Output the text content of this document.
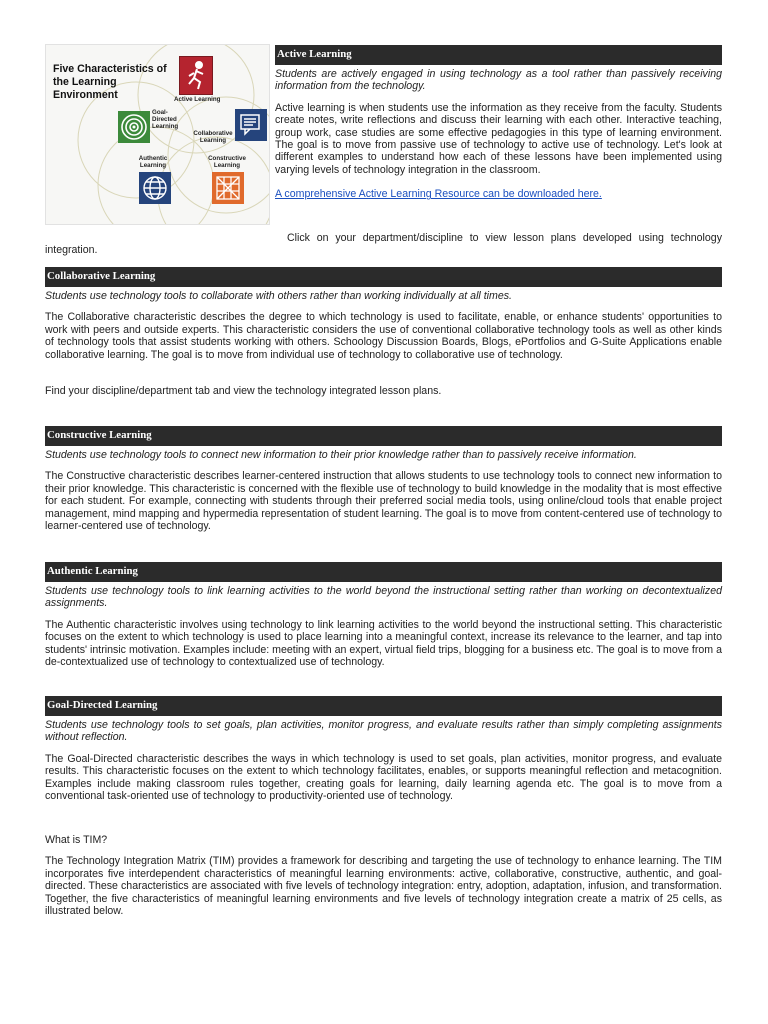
Five Characteristics of the Learning Environment	Active Learning
Goal-Directed Learning
Collaborative Learning
Authentic Learning
Constructive Learning
Active Learning

Students are actively engaged in using technology as a tool rather than passively receiving information from the technology.

Active learning is when students use the information as they receive from the faculty. Students create notes, write reflections and discuss their learning with each other. Interactive teaching, group work, case studies are some effective pedagogies in this type of learning environment. The goal is to move from passive use of technology to active use of technology. Let's look at different examples to understand how each of these lessons have been implemented using varying levels of technology integration in the classroom.

A comprehensive Active Learning Resource can be downloaded here.

Click on your department/discipline to view lesson plans developed using technology integration.

Collaborative Learning

Students use technology tools to collaborate with others rather than working individually at all times.

The Collaborative characteristic describes the degree to which technology is used to facilitate, enable, or enhance students' opportunities to work with peers and outside experts. This characteristic considers the use of conventional collaborative technology tools as well as other kinds of technology tools that assist students working with others. Schoology Discussion Boards, Blogs, ePortfolios and G-Suite Applications enable collaborative learning. The goal is to move from individual use of technology to collaborative use of technology.

Find your discipline/department tab and view the technology integrated lesson plans.

Constructive Learning

Students use technology tools to connect new information to their prior knowledge rather than to passively receive information.

The Constructive characteristic describes learner-centered instruction that allows students to use technology tools to connect new information to their prior knowledge. This characteristic is concerned with the flexible use of technology to build knowledge in the modality that is most effective for each student. For example, connecting with students through their preferred social media tools, using online/cloud tools that enable project management, mind mapping and hypermedia representation of student learning. The goal is to move from content-centered use of technology to learner-centered use of technology.

Authentic Learning

Students use technology tools to link learning activities to the world beyond the instructional setting rather than working on decontextualized assignments.

The Authentic characteristic involves using technology to link learning activities to the world beyond the instructional setting. This characteristic focuses on the extent to which technology is used to place learning into a meaningful context, increase its relevance to the learner, and tap into students' intrinsic motivation. Examples include: meeting with an expert, virtual field trips, blogging for a business etc. The goal is to move from a de-contextualized use of technology to contextualized use of technology.

Goal-Directed Learning

Students use technology tools to set goals, plan activities, monitor progress, and evaluate results rather than simply completing assignments without reflection.

The Goal-Directed characteristic describes the ways in which technology is used to set goals, plan activities, monitor progress, and evaluate results. This characteristic focuses on the extent to which technology facilitates, enables, or supports meaningful reflection and metacognition. Examples include making classroom rules together, creating goals for learning, daily learning agenda etc. The goal is to move from a conventional task-oriented use of technology to productivity-oriented use of technology.

What is TIM?

The Technology Integration Matrix (TIM) provides a framework for describing and targeting the use of technology to enhance learning. The TIM incorporates five interdependent characteristics of meaningful learning environments: active, collaborative, constructive, authentic, and goal-directed. These characteristics are associated with five levels of technology integration: entry, adoption, adaptation, infusion, and transformation. Together, the five characteristics of meaningful learning environments and five levels of technology integration create a matrix of 25 cells, as illustrated below.
